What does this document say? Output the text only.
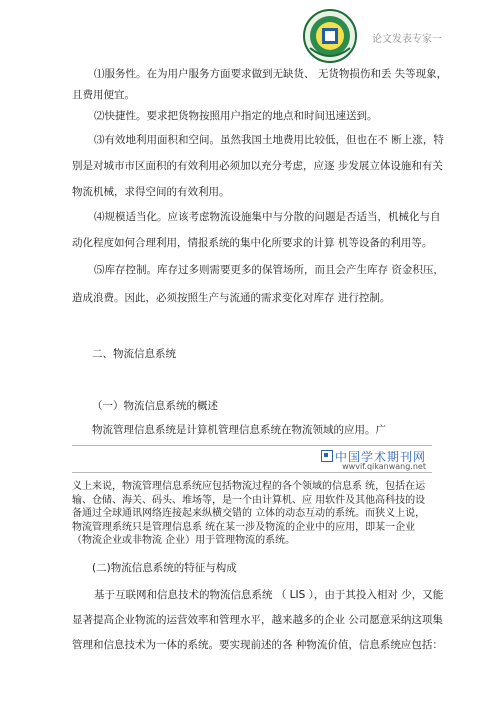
论文发表专家一
⑴服务性。在为用户服务方面要求做到无缺货、 无货物损伤和丢 失等现象，
且费用便宜。
⑵快捷性。要求把货物按照用户指定的地点和时间迅速送到。
⑶有效地利用面积和空间。虽然我国土地费用比较低，但也在不 断上涨，特
别是对城市市区面积的有效利用必须加以充分考虑，应逐 步发展立体设施和有关
物流机械，求得空间的有效利用。
⑷规模适当化。应该考虑物流设施集中与分散的问题是否适当，机械化与自
动化程度如何合理利用，情报系统的集中化所要求的计算 机等设备的利用等。
⑸库存控制。库存过多则需要更多的保管场所，而且会产生库存 资金积压，
造成浪费。因此，必须按照生产与流通的需求变化对库存 进行控制。
二、物流信息系统
（一）物流信息系统的概述
物流管理信息系统是计算机管理信息系统在物流领域的应用。广
中国学术期刊网
wwvif.qikanwang.net
义上来说，物流管理信息系统应包括物流过程的各个领域的信息系 统，包括在运
输、仓储、海关、码头、堆场等，是一个由计算机、应 用软件及其他高科技的设
备通过全球通讯网络连接起来纵横交错的 立体的动态互动的系统。而狭义上说，
物流管理系统只是管理信息系 统在某一涉及物流的企业中的应用，即某一企业
（物流企业或非物流 企业）用于管理物流的系统。
(二)物流信息系统的特征与构成
基于互联网和信息技术的物流信息系统 （ LIS ），由于其投入相对 少，又能
显著提高企业物流的运营效率和管理水平，越来越多的企业 公司愿意采纳这项集
管理和信息技术为一体的系统。要实现前述的各 种物流价值，信息系统应包括：
